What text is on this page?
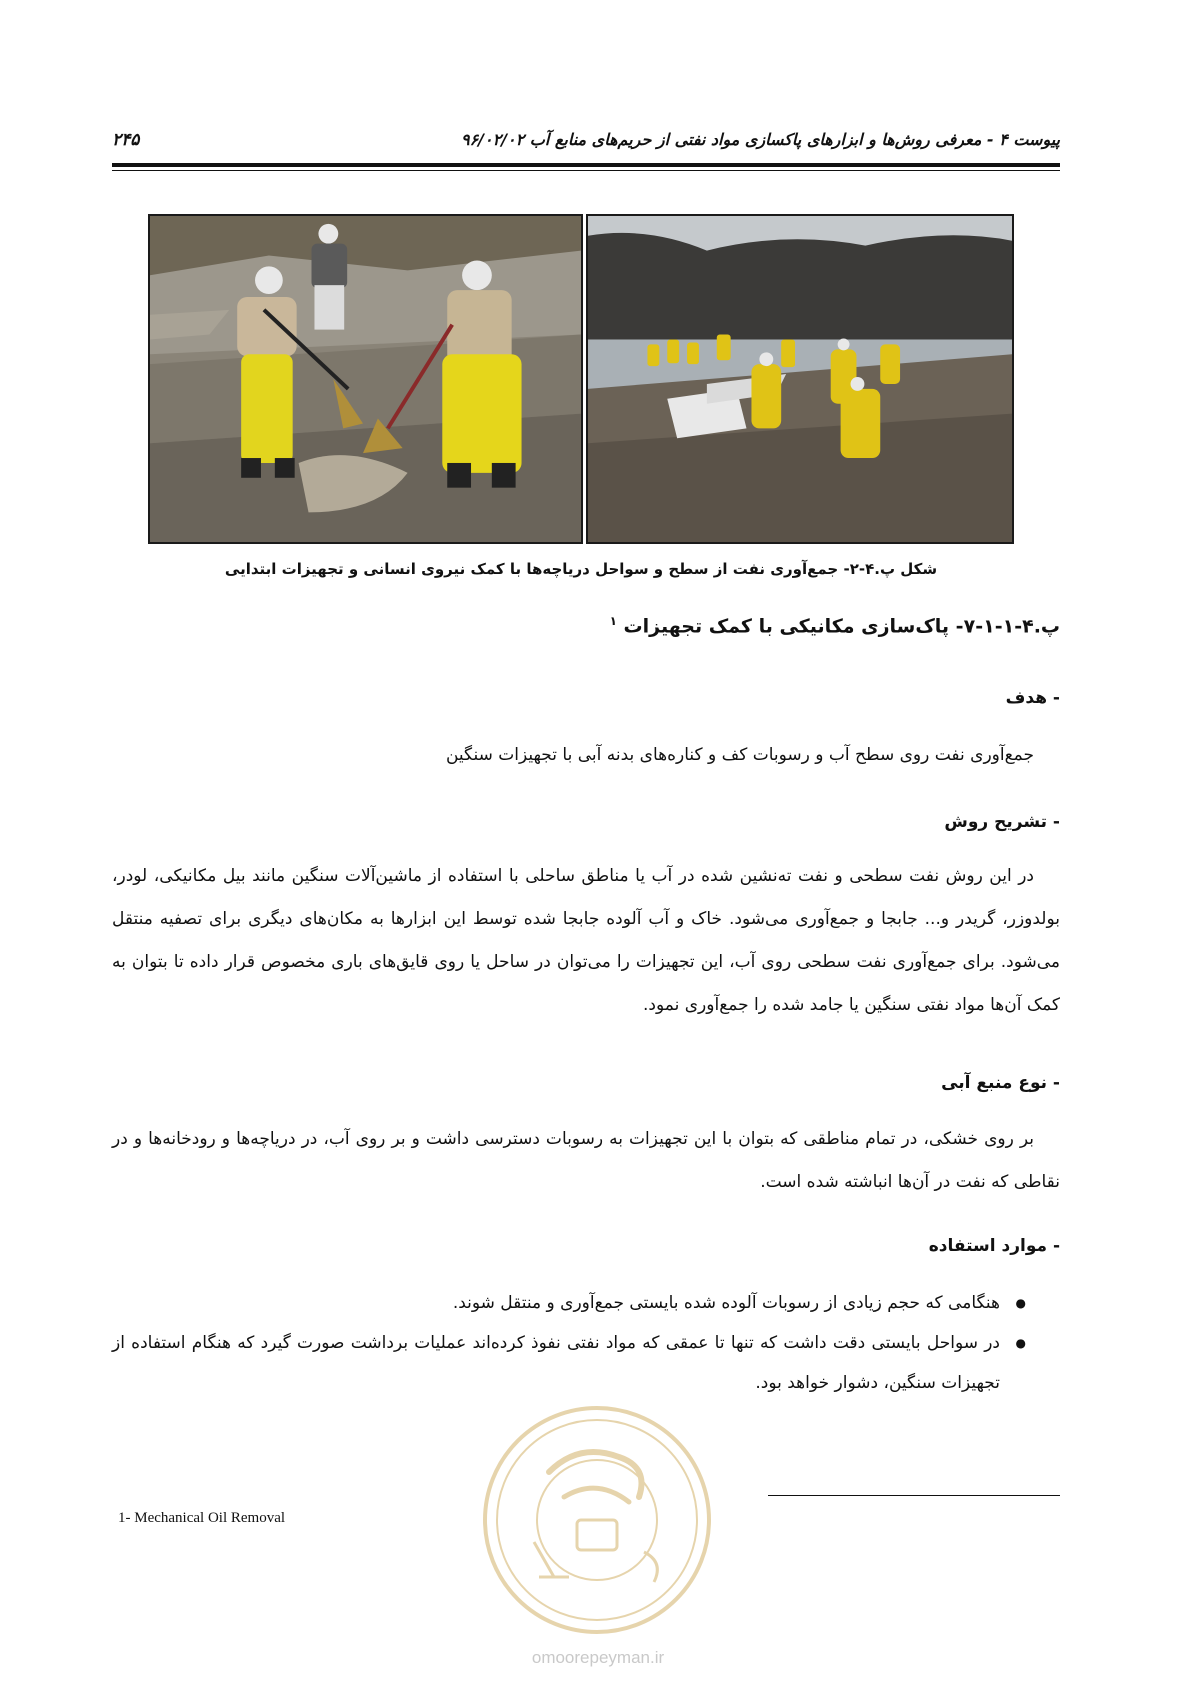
پیوست ۴ - معرفی روش‌ها و ابزارهای پاکسازی مواد نفتی از حریم‌های منابع آب ۹۶/۰۲/۰۲
۲۴۵
شکل پ.۴-۲- جمع‌آوری نفت از سطح و سواحل دریاچه‌ها با کمک نیروی انسانی و تجهیزات ابتدایی
پ.۴-۱-۱-۷- پاک‌سازی مکانیکی با کمک تجهیزات $^۱$
- هدف

جمع‌آوری نفت روی سطح آب و رسوبات کف و کناره‌های بدنه آبی با تجهیزات سنگین

- تشریح روش

در این روش نفت سطحی و نفت ته‌نشین شده در آب یا مناطق ساحلی با استفاده از ماشین‌آلات سنگین مانند بیل مکانیکی، لودر، بولدوزر، گریدر و... جابجا و جمع‌آوری می‌شود. خاک و آب آلوده جابجا شده توسط این ابزارها به مکان‌های دیگری برای تصفیه منتقل می‌شود. برای جمع‌آوری نفت سطحی روی آب، این تجهیزات را می‌توان در ساحل یا روی قایق‌های باری مخصوص قرار داده تا بتوان به کمک آن‌ها مواد نفتی سنگین یا جامد شده را جمع‌آوری نمود.

- نوع منبع آبی

بر روی خشکی، در تمام مناطقی که بتوان با این تجهیزات به رسوبات دسترسی داشت و بر روی آب، در دریاچه‌ها و رودخانه‌ها و در نقاطی که نفت در آن‌ها انباشته شده است.

- موارد استفاده
● هنگامی که حجم زیادی از رسوبات آلوده شده بایستی جمع‌آوری و منتقل شوند.
● در سواحل بایستی دقت داشت که تنها تا عمقی که مواد نفتی نفوذ کرده‌اند عملیات برداشت صورت گیرد که هنگام استفاده از تجهیزات سنگین، دشوار خواهد بود.
1- Mechanical Oil Removal
omoorepeyman.ir
